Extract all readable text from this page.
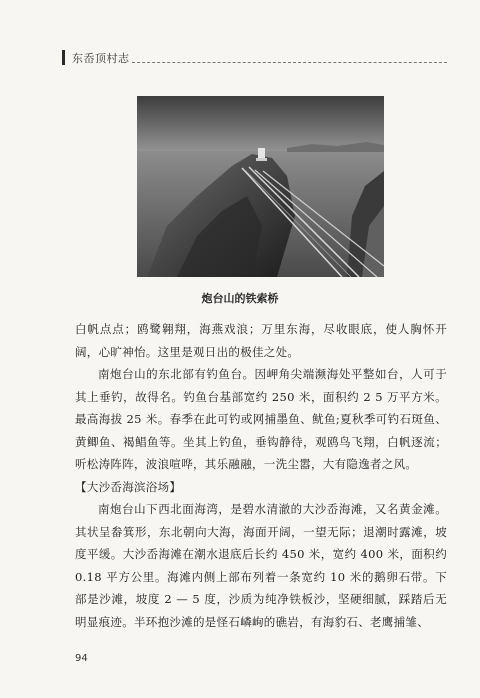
东岙顶村志
炮台山的铁索桥

白帆点点；鸥鹭翱翔，海燕戏浪；万里东海，尽收眼底，使人胸怀开阔，心旷神怡。这里是观日出的极佳之处。

南炮台山的东北部有钓鱼台。因岬角尖端濒海处平整如台，人可于其上垂钓，故得名。钓鱼台基部宽约 250 米，面积约 2 5 万平方米。最高海拔 25 米。春季在此可钓或网捕墨鱼、鱿鱼;夏秋季可钓石斑鱼、黄鲫鱼、褐鲳鱼等。坐其上钓鱼，垂钩静待，观鸥鸟飞翔，白帆逐流；听松涛阵阵，波浪喧哗，其乐融融，一洗尘嚣，大有隐逸者之风。

【大沙岙海滨浴场】

南炮台山下西北面海湾，是碧水清澈的大沙岙海滩，又名黄金滩。其状呈畚箕形，东北朝向大海，海面开阔，一望无际；退潮时露滩，坡度平缓。大沙岙海滩在潮水退底后长约 450 米，宽约 400 米，面积约 0.18 平方公里。海滩内侧上部布列着一条宽约 10 米的鹅卵石带。下部是沙滩，坡度 2 — 5 度，沙质为纯净铁板沙，坚硬细腻，踩踏后无明显痕迹。半环抱沙滩的是怪石嶙峋的礁岩，有海豹石、老鹰捕雏、

94
